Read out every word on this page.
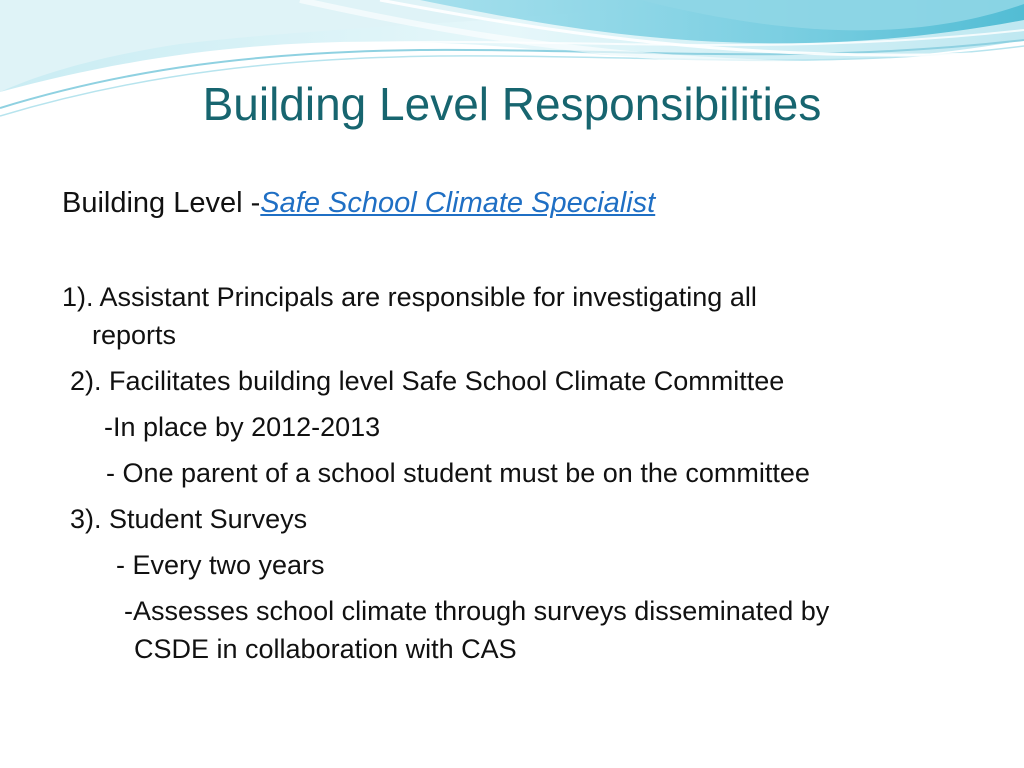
Building Level Responsibilities
Building Level -Safe School Climate Specialist

1). Assistant Principals are responsible for investigating all

reports

2). Facilitates building level Safe School Climate Committee

-In place by 2012-2013

- One parent of a school student must be on the committee

3). Student Surveys

- Every two years

-Assesses school climate through surveys disseminated by

CSDE in collaboration with CAS
